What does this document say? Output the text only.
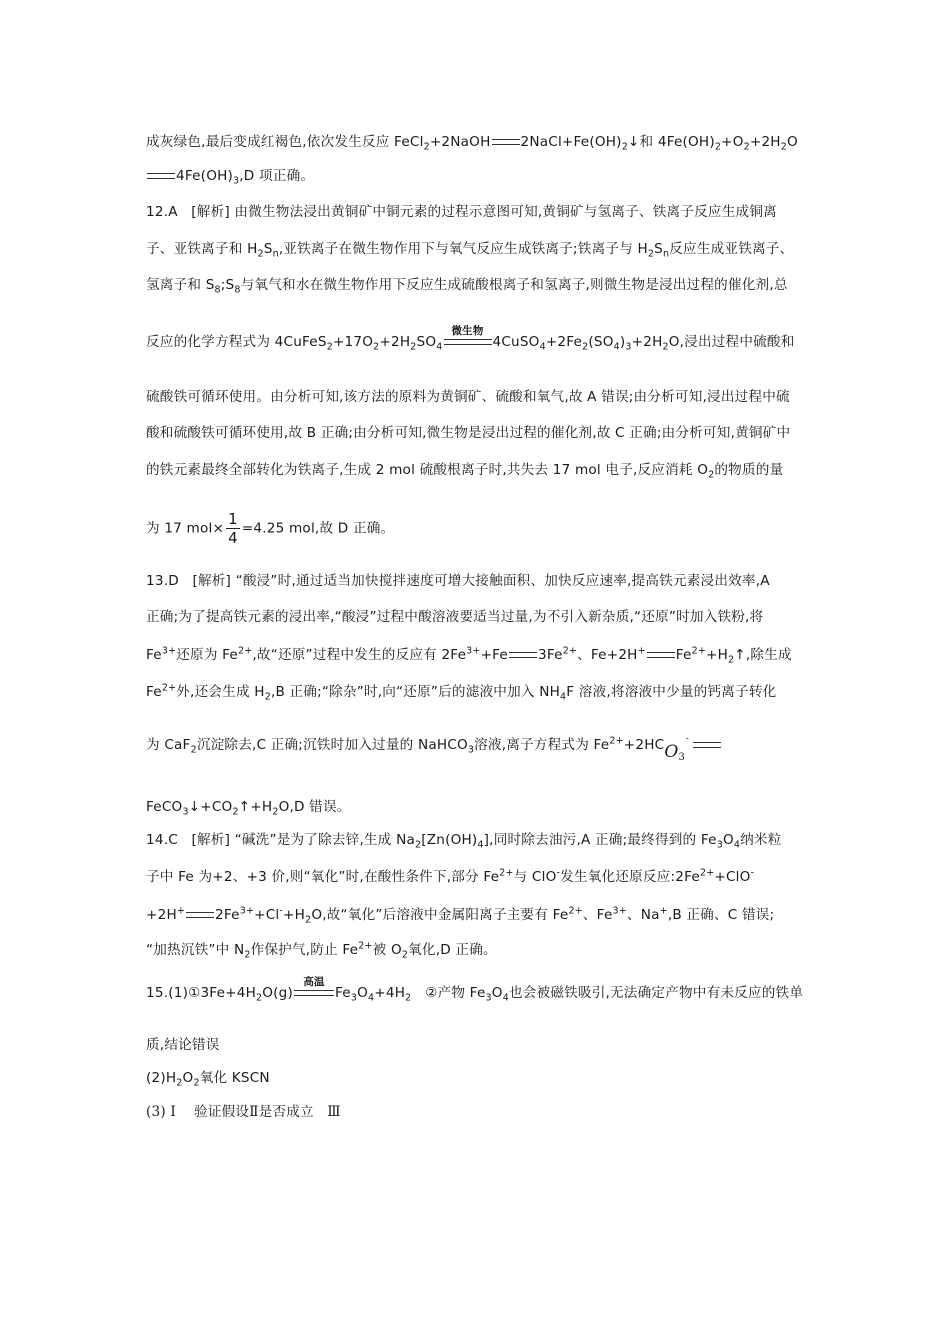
成灰绿色,最后变成红褐色,依次发生反应 FeCl$_2$+2NaOH $2NaCl+Fe(OH)_2↓$和 $4Fe(OH)_2+O_2+2H_2O$
$4Fe(OH)_3,D$ 项正确。
12.A [解析] 由微生物法浸出黄铜矿中铜元素的过程示意图可知,黄铜矿与氢离子、铁离子反应生成铜离
子、亚铁离子和 $H_2S_n$,亚铁离子在微生物作用下与氧气反应生成铁离子;铁离子与 $H_2S_n$反应生成亚铁离子、
氢离子和 $S_8;S_8$与氧气和水在微生物作用下反应生成硫酸根离子和氢离子,则微生物是浸出过程的催化剂,总
反应的化学方程式为 $4CuFeS_2+17O_2+2H_2SO_4$
微生物
$4CuSO_4+2Fe_2(SO_4)_3+2H_2O$,浸出过程中硫酸和
硫酸铁可循环使用。由分析可知,该方法的原料为黄铜矿、硫酸和氧气,故 A 错误;由分析可知,浸出过程中硫
酸和硫酸铁可循环使用,故 B 正确;由分析可知,微生物是浸出过程的催化剂,故 C 正确;由分析可知,黄铜矿中
的铁元素最终全部转化为铁离子,生成 2 mol 硫酸根离子时,共失去 17 mol 电子,反应消耗 $O_2$的物质的量
为 17 $mol\times \frac{1}{4} =4.25$ mol,故 D 正确。
13.D [解析] “酸浸”时,通过适当加快搅拌速度可增大接触面积、加快反应速率,提高铁元素浸出效率,A
正确;为了提高铁元素的浸出率,“酸浸”过程中酸溶液要适当过量,为不引入新杂质,“还原”时加入铁粉,将
$Fe^{3+}$还原为 $Fe^{2+}$,故“还原”过程中发生的反应有 $2Fe^{3+}+Fe$ $3Fe^{2+}$、Fe+2H+ $Fe^{2+}+H_2↑$,除生成
$Fe^{2+}$外,还会生成 $H_2,B$ 正确;“除杂”时,向“还原”后的滤液中加入 $NH_4F$ 溶液,将溶液中少量的钙离子转化
为 CaF$_2$沉淀除去,C 正确;沉铁时加入过量的 NaHCO$_3$溶液,离子方程式为 $Fe^{2+}+2HCO3$
-
$FeCO_3↓+CO_2↑+H_2O,D$ 错误。
14.C [解析] “碱洗”是为了除去锌,生成 $Na_2[Zn(OH)_4]$,同时除去油污,A 正确;最终得到的 $Fe_3O_4$纳米粒
子中 Fe 为+2、+3 价,则“氧化”时,在酸性条件下,部分 $Fe^{2+}$与 ClO-发生氧化还原反应$:2Fe^{2+}+ClO^-$
+2H+ $2Fe^{3+}+Cl^-+H_2O$,故“氧化”后溶液中金属阳离子主要有 $Fe^{2+}$、$Fe^{3+}$、Na+,B 正确、C 错误;
“加热沉铁”中 $N_2$作保护气,防止 $Fe^{2+}$被 $O_2$氧化,D 正确。
$15.(1)①3Fe+4H_2O(g)$
高温
$Fe_3O_4+4H_2$　②产物 $Fe_3O_4$也会被磁铁吸引,无法确定产物中有未反应的铁单
质,结论错误
$(2)H_2O_2$氧化 KSCN
(3) Ⅰ 验证假设Ⅱ是否成立 Ⅲ
